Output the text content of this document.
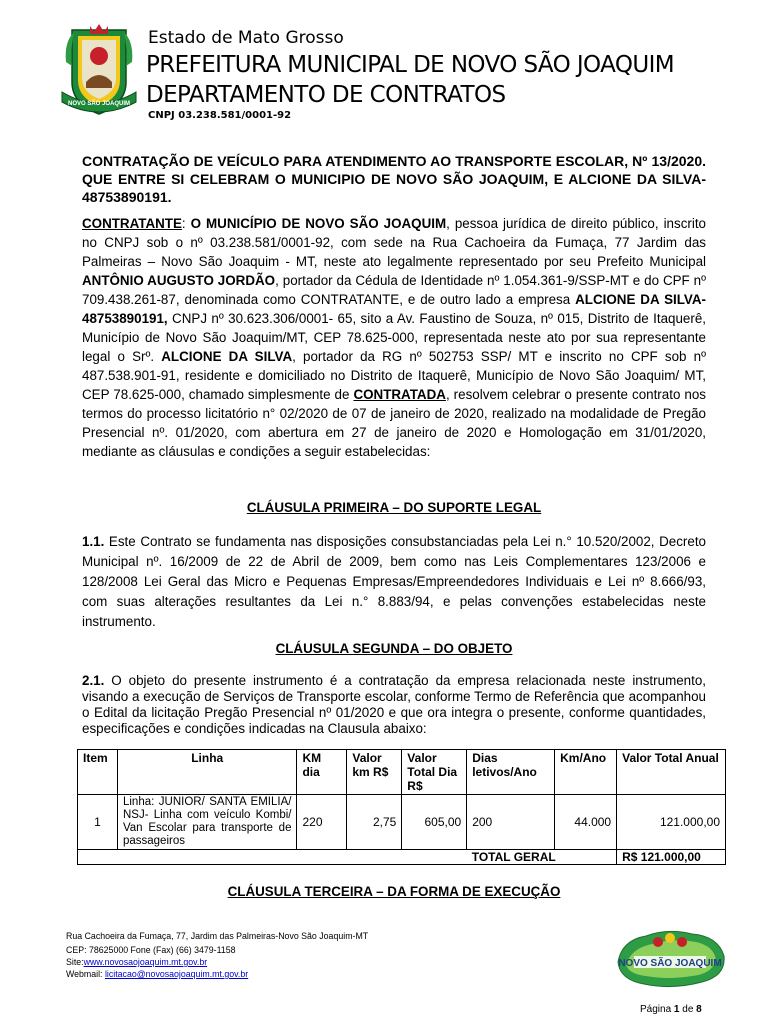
NOVO SÃO JOAQUIM
Estado de Mato Grosso
PREFEITURA MUNICIPAL DE NOVO SÃO JOAQUIM
DEPARTAMENTO DE CONTRATOS
CNPJ 03.238.581/0001-92
CONTRATAÇÃO DE VEÍCULO PARA ATENDIMENTO AO TRANSPORTE ESCOLAR, Nº 13/2020. QUE ENTRE SI CELEBRAM O MUNICIPIO DE NOVO SÃO JOAQUIM, E ALCIONE DA SILVA- 48753890191.
CONTRATANTE: O MUNICÍPIO DE NOVO SÃO JOAQUIM, pessoa jurídica de direito público, inscrito no CNPJ sob o nº 03.238.581/0001-92, com sede na Rua Cachoeira da Fumaça, 77 Jardim das Palmeiras – Novo São Joaquim - MT, neste ato legalmente representado por seu Prefeito Municipal ANTÔNIO AUGUSTO JORDÃO, portador da Cédula de Identidade nº 1.054.361-9/SSP-MT e do CPF nº 709.438.261-87, denominada como CONTRATANTE, e de outro lado a empresa ALCIONE DA SILVA- 48753890191, CNPJ nº 30.623.306/0001- 65, sito a Av. Faustino de Souza, nº 015, Distrito de Itaquerê, Município de Novo São Joaquim/MT, CEP 78.625-000, representada neste ato por sua representante legal o Srº. ALCIONE DA SILVA, portador da RG nº 502753 SSP/ MT e inscrito no CPF sob nº 487.538.901-91, residente e domiciliado no Distrito de Itaquerê, Município de Novo São Joaquim/ MT, CEP 78.625-000, chamado simplesmente de CONTRATADA, resolvem celebrar o presente contrato nos termos do processo licitatório n° 02/2020 de 07 de janeiro de 2020, realizado na modalidade de Pregão Presencial nº. 01/2020, com abertura em 27 de janeiro de 2020 e Homologação em 31/01/2020, mediante as cláusulas e condições a seguir estabelecidas:
CLÁUSULA PRIMEIRA – DO SUPORTE LEGAL
1.1. Este Contrato se fundamenta nas disposições consubstanciadas pela Lei n.° 10.520/2002, Decreto Municipal nº. 16/2009 de 22 de Abril de 2009, bem como nas Leis Complementares 123/2006 e 128/2008 Lei Geral das Micro e Pequenas Empresas/Empreendedores Individuais e Lei nº 8.666/93, com suas alterações resultantes da Lei n.° 8.883/94, e pelas convenções estabelecidas neste instrumento.
CLÁUSULA SEGUNDA – DO OBJETO
2.1. O objeto do presente instrumento é a contratação da empresa relacionada neste instrumento, visando a execução de Serviços de Transporte escolar, conforme Termo de Referência que acompanhou o Edital da licitação Pregão Presencial nº 01/2020 e que ora integra o presente, conforme quantidades, especificações e condições indicadas na Clausula abaixo:
Item	Linha	KM dia	Valor km R$	Valor Total Dia R$	Dias letivos/Ano	Km/Ano	Valor Total Anual
1	Linha: JUNIOR/ SANTA EMILIA/ NSJ- Linha com veículo Kombi/ Van Escolar para transporte de passageiros	220	2,75	605,00	200	44.000	121.000,00
					TOTAL GERAL		R$ 121.000,00
CLÁUSULA TERCEIRA – DA FORMA DE EXECUÇÃO
Rua Cachoeira da Fumaça, 77, Jardim das Palmeiras-Novo São Joaquim-MT
CEP: 78625000 Fone (Fax) (66) 3479-1158
Site:www.novosaojoaquim.mt.gov.br
Webmail: licitacao@novosaojoaquim.mt.gov.br
NOVO SÃO JOAQUIM
Página 1 de 8
